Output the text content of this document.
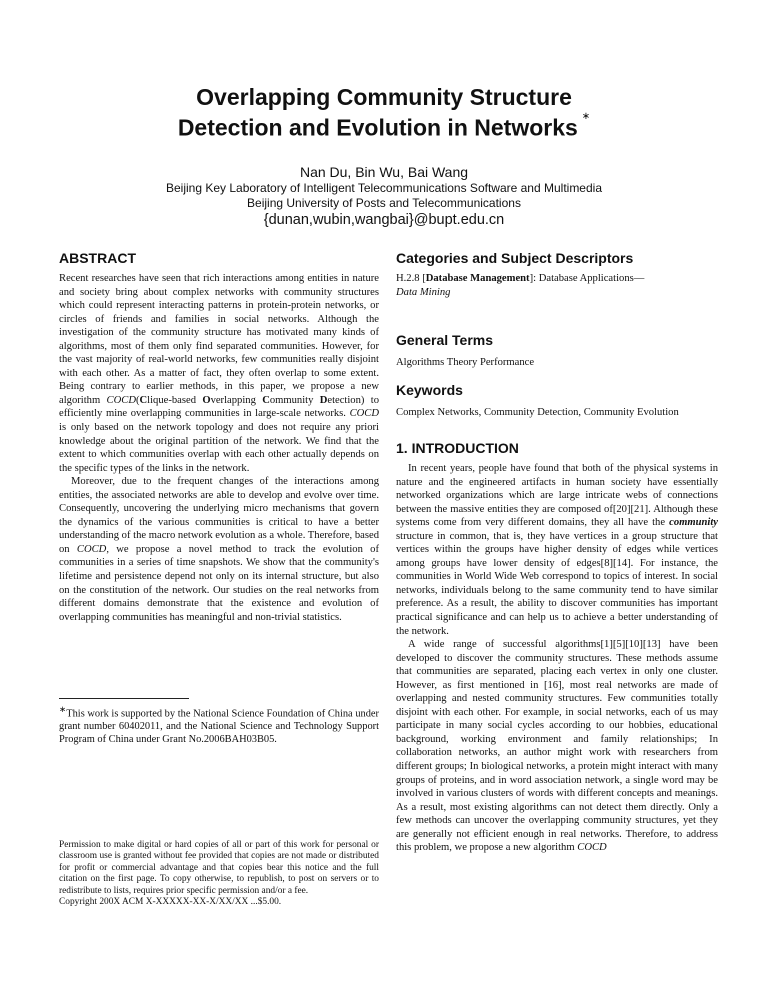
Overlapping Community Structure
Detection and Evolution in Networks ∗
Nan Du, Bin Wu, Bai Wang
Beijing Key Laboratory of Intelligent Telecommunications Software and Multimedia
Beijing University of Posts and Telecommunications
{dunan,wubin,wangbai}@bupt.edu.cn
ABSTRACT

Recent researches have seen that rich interactions among entities in nature and society bring about complex networks with community structures which could represent interacting patterns in protein-protein networks, or circles of friends and families in social networks. Although the investigation of the community structure has motivated many kinds of algorithms, most of them only find separated communities. However, for the vast majority of real-world networks, few communities really disjoint with each other. As a matter of fact, they often overlap to some extent. Being contrary to earlier methods, in this paper, we propose a new algorithm COCD(Clique-based Overlapping Community Detection) to efficiently mine overlapping communities in large-scale networks. COCD is only based on the network topology and does not require any priori knowledge about the original partition of the network. We find that the extent to which communities overlap with each other actually depends on the specific types of the links in the network.

Moreover, due to the frequent changes of the interactions among entities, the associated networks are able to develop and evolve over time. Consequently, uncovering the underlying micro mechanisms that govern the dynamics of the various communities is critical to have a better understanding of the macro network evolution as a whole. Therefore, based on COCD, we propose a novel method to track the evolution of communities in a series of time snapshots. We show that the community's lifetime and persistence depend not only on its internal structure, but also on the constitution of the network. Our studies on the real networks from different domains demonstrate that the existence and evolution of overlapping communities has meaningful and non-trivial statistics.

∗This work is supported by the National Science Foundation of China under grant number 60402011, and the National Science and Technology Support Program of China under Grant No.2006BAH03B05.

Permission to make digital or hard copies of all or part of this work for personal or classroom use is granted without fee provided that copies are not made or distributed for profit or commercial advantage and that copies bear this notice and the full citation on the first page. To copy otherwise, to republish, to post on servers or to redistribute to lists, requires prior specific permission and/or a fee.

Copyright 200X ACM X-XXXXX-XX-X/XX/XX ...$5.00.

Categories and Subject Descriptors

H.2.8 [Database Management]: Database Applications—
Data Mining

General Terms

Algorithms Theory Performance

Keywords

Complex Networks, Community Detection, Community Evolution

1. INTRODUCTION

In recent years, people have found that both of the physical systems in nature and the engineered artifacts in human society have essentially networked organizations which are large intricate webs of connections between the massive entities they are composed of[20][21]. Although these systems come from very different domains, they all have the community structure in common, that is, they have vertices in a group structure that vertices within the groups have higher density of edges while vertices among groups have lower density of edges[8][14]. For instance, the communities in World Wide Web correspond to topics of interest. In social networks, individuals belong to the same community tend to have similar preference. As a result, the ability to discover communities has important practical significance and can help us to achieve a better understanding of the network.

A wide range of successful algorithms[1][5][10][13] have been developed to discover the community structures. These methods assume that communities are separated, placing each vertex in only one cluster. However, as first mentioned in [16], most real networks are made of overlapping and nested community structures. Few communities totally disjoint with each other. For example, in social networks, each of us may participate in many social cycles according to our hobbies, educational background, working environment and family relationships; In collaboration networks, an author might work with researchers from different groups; In biological networks, a protein might interact with many groups of proteins, and in word association network, a single word may be involved in various clusters of words with different concepts and meanings. As a result, most existing algorithms can not detect them directly. Only a few methods can uncover the overlapping community structures, yet they are generally not efficient enough in real networks. Therefore, to address this problem, we propose a new algorithm COCD
